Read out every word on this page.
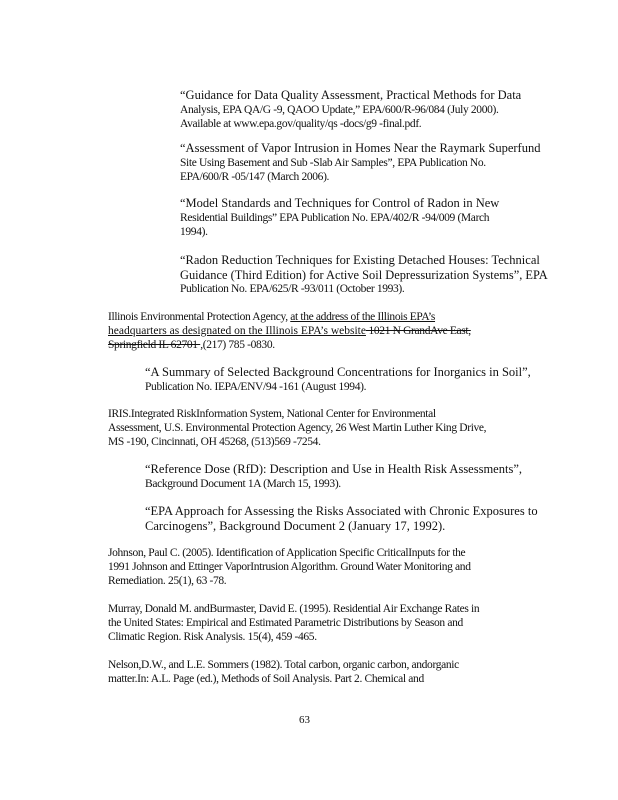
“Guidance for Data Quality Assessment, Practical Methods for Data
Analysis, EPA QA/G -9, QAOO Update,” EPA/600/R-96/084 (July 2000).
Available at www.epa.gov/quality/qs -docs/g9 -final.pdf.
“Assessment of Vapor Intrusion in Homes Near the Raymark Superfund
Site Using Basement and Sub -Slab Air Samples”, EPA Publication No.
EPA/600/R -05/147 (March 2006).
“Model Standards and Techniques for Control of Radon in New
Residential Buildings” EPA Publication No. EPA/402/R -94/009 (March
1994).
“Radon Reduction Techniques for Existing Detached Houses: Technical
Guidance (Third Edition) for Active Soil Depressurization Systems”, EPA
Publication No. EPA/625/R -93/011 (October 1993).
Illinois Environmental Protection Agency, at the address of the Illinois EPA’s
headquarters as designated on the Illinois EPA’s website 1021 N GrandAve East,
Springfield IL 62701 ,(217) 785 -0830.
“A Summary of Selected Background Concentrations for Inorganics in Soil”,
Publication No. IEPA/ENV/94 -161 (August 1994).
IRIS.Integrated RiskInformation System, National Center for Environmental
Assessment, U.S. Environmental Protection Agency, 26 West Martin Luther King Drive,
MS -190, Cincinnati, OH 45268, (513)569 -7254.
“Reference Dose (RfD): Description and Use in Health Risk Assessments”,
Background Document 1A (March 15, 1993).
“EPA Approach for Assessing the Risks Associated with Chronic Exposures to
Carcinogens”, Background Document 2 (January 17, 1992).
Johnson, Paul C. (2005). Identification of Application Specific CriticalInputs for the
1991 Johnson and Ettinger VaporIntrusion Algorithm. Ground Water Monitoring and
Remediation. 25(1), 63 -78.
Murray, Donald M. andBurmaster, David E. (1995). Residential Air Exchange Rates in
the United States: Empirical and Estimated Parametric Distributions by Season and
Climatic Region. Risk Analysis. 15(4), 459 -465.
Nelson,D.W., and L.E. Sommers (1982). Total carbon, organic carbon, andorganic
matter.In: A.L. Page (ed.), Methods of Soil Analysis. Part 2. Chemical and
63
